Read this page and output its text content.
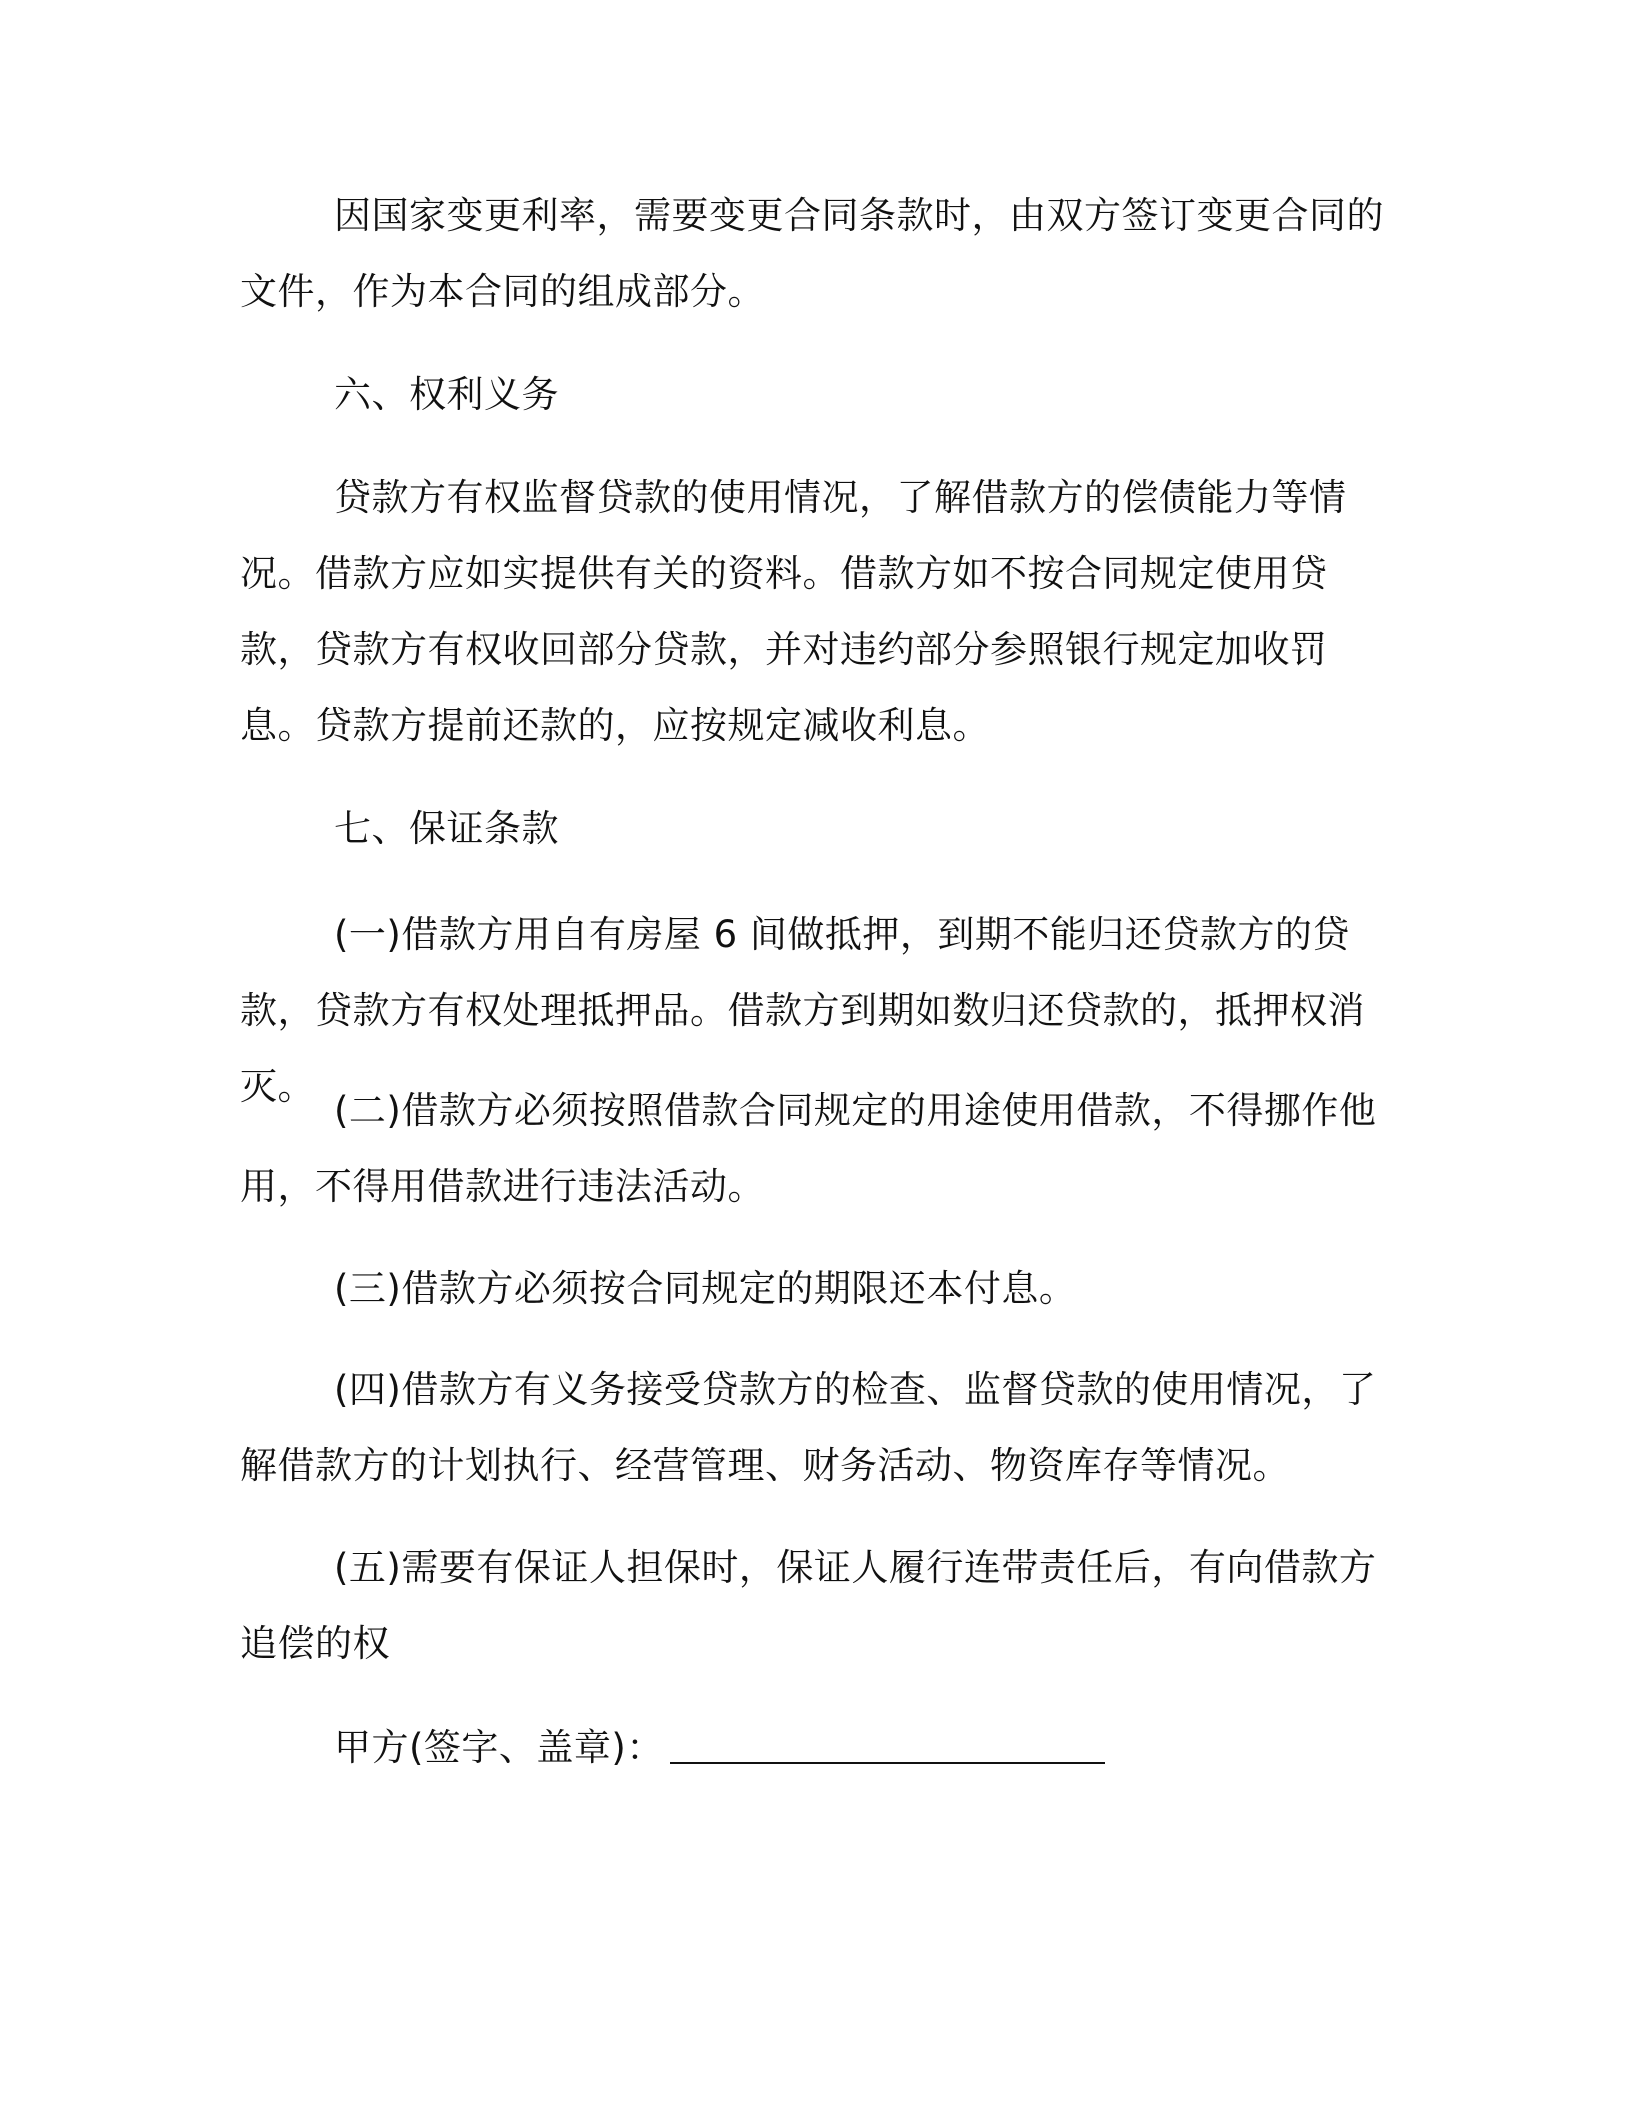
因国家变更利率，需要变更合同条款时，由双方签订变更合同的文件，作为本合同的组成部分。

六、权利义务

贷款方有权监督贷款的使用情况，了解借款方的偿债能力等情况。借款方应如实提供有关的资料。借款方如不按合同规定使用贷款，贷款方有权收回部分贷款，并对违约部分参照银行规定加收罚息。贷款方提前还款的，应按规定减收利息。

七、保证条款

(一)借款方用自有房屋 6 间做抵押，到期不能归还贷款方的贷款，贷款方有权处理抵押品。借款方到期如数归还贷款的，抵押权消灭。

(二)借款方必须按照借款合同规定的用途使用借款，不得挪作他用，不得用借款进行违法活动。

(三)借款方必须按合同规定的期限还本付息。

(四)借款方有义务接受贷款方的检查、监督贷款的使用情况，了解借款方的计划执行、经营管理、财务活动、物资库存等情况。

(五)需要有保证人担保时，保证人履行连带责任后，有向借款方追偿的权

甲方(签字、盖章)：
